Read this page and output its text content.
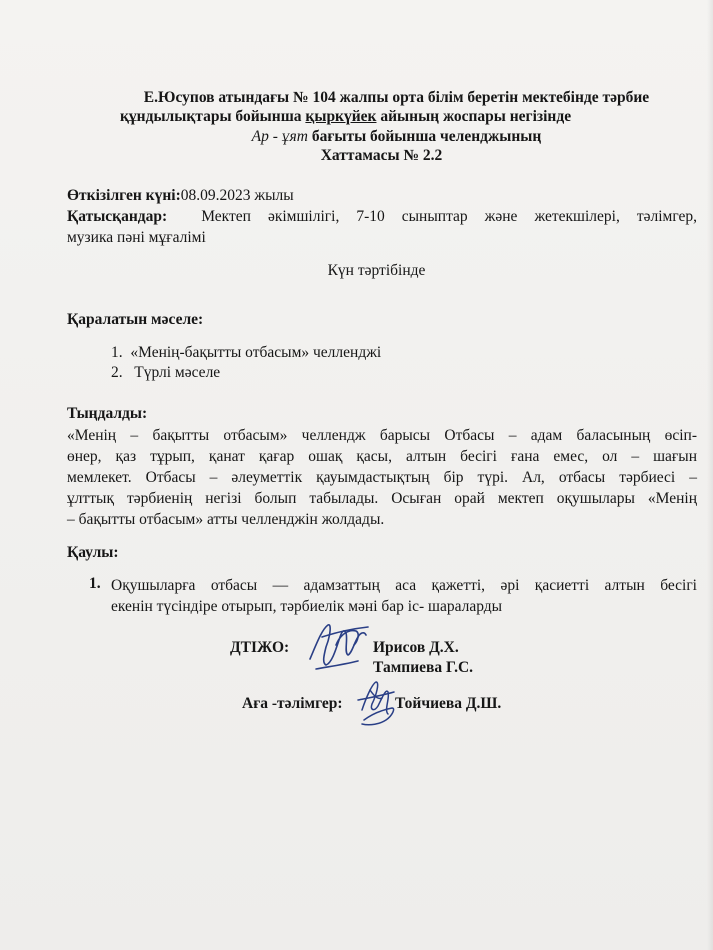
Е.Юсупов атындағы № 104 жалпы орта білім беретін мектебінде тәрбие
құндылықтары бойынша қыркүйек айының жоспары негізінде
Ар - ұят бағыты бойынша челенджының
Хаттамасы № 2.2
Өткізілген күні:08.09.2023 жылы
Қатысқандар: Мектеп әкімшілігі, 7-10 сыныптар және жетекшілері, тәлімгер,
музика пәні мұғалімі
Күн тәртібінде
Қаралатын мәселе:
1. «Менің-бақытты отбасым» челленджі
2. Түрлі мәселе
Тыңдалды:
«Менің – бақытты отбасым» челлендж барысы Отбасы – адам баласының өсіп-
өнер, қаз тұрып, қанат қағар ошақ қасы, алтын бесігі ғана емес, ол – шағын
мемлекет. Отбасы – әлеуметтік қауымдастықтың бір түрі. Ал, отбасы тәрбиесі –
ұлттық тәрбиенің негізі болып табылады. Осыған орай мектеп оқушылары «Менің
– бақытты отбасым» атты челленджін жолдады.
Қаулы:
1. Оқушыларға отбасы — адамзаттың аса қажетті, әрі қасиетті алтын бесігі
екенін түсіндіре отырып, тәрбиелік мәні бар іс- шараларды
ДТІЖО:	Ирисов Д.Х.
Тампиева Г.С.
Аға -тәлімгер:	Тойчиева Д.Ш.
